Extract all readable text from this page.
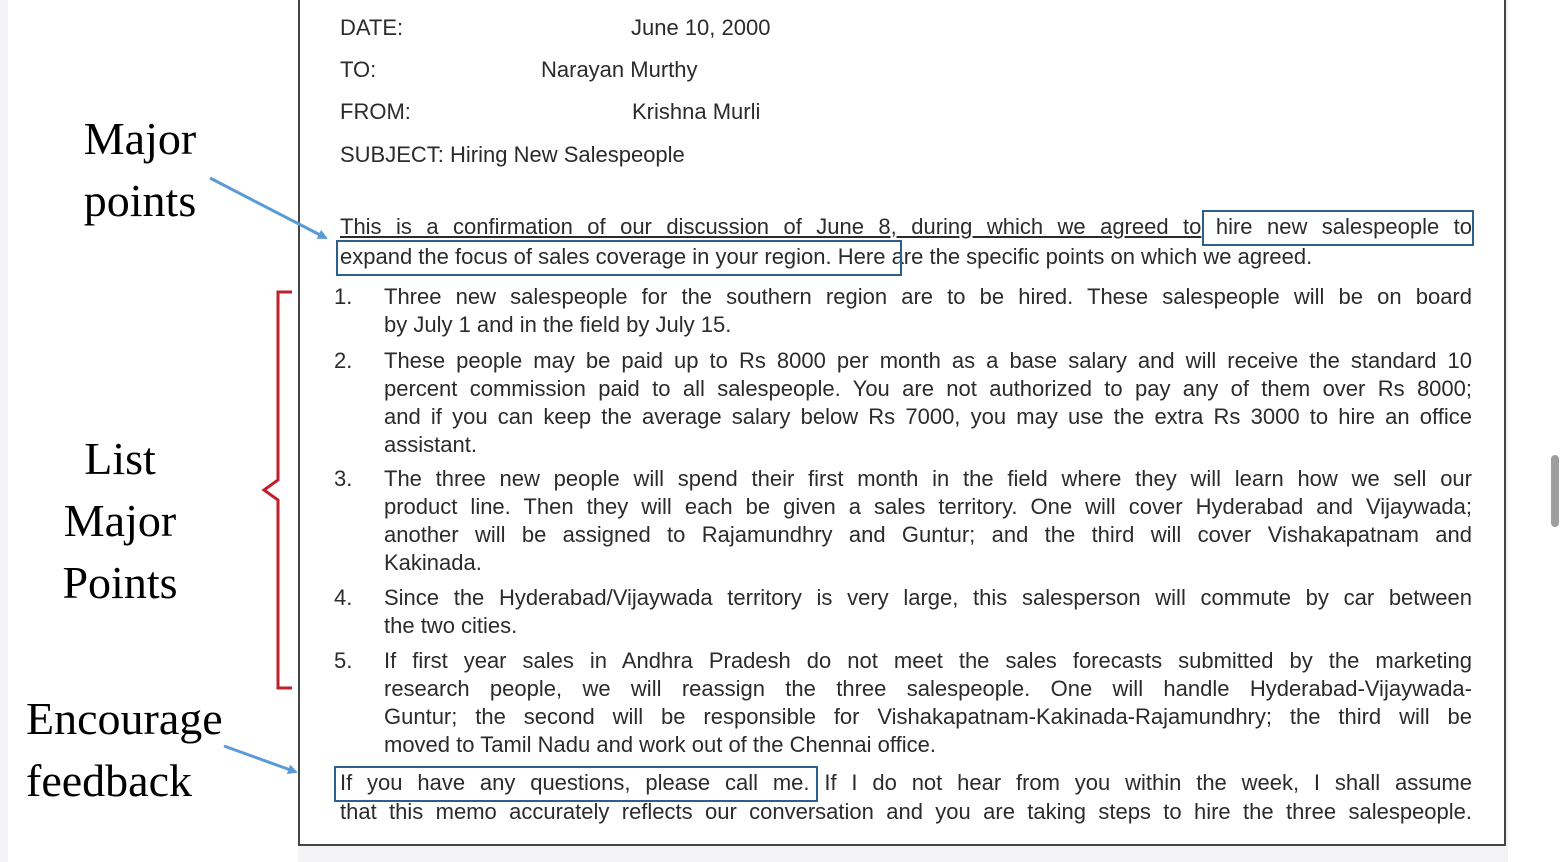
DATE:	June 10, 2000
TO:	Narayan Murthy
FROM:	Krishna Murli
SUBJECT: Hiring New Salespeople
This is a confirmation of our discussion of June 8, during which we agreed to hire new salespeople to
expand the focus of sales coverage in your region. Here are the specific points on which we agreed.
1. Three new salespeople for the southern region are to be hired. These salespeople will be on board
by July 1 and in the field by July 15.
2. These people may be paid up to Rs 8000 per month as a base salary and will receive the standard 10
percent commission paid to all salespeople. You are not authorized to pay any of them over Rs 8000;
and if you can keep the average salary below Rs 7000, you may use the extra Rs 3000 to hire an office
assistant.
3. The three new people will spend their first month in the field where they will learn how we sell our
product line. Then they will each be given a sales territory. One will cover Hyderabad and Vijaywada;
another will be assigned to Rajamundhry and Guntur; and the third will cover Vishakapatnam and
Kakinada.
4. Since the Hyderabad/Vijaywada territory is very large, this salesperson will commute by car between
the two cities.
5. If first year sales in Andhra Pradesh do not meet the sales forecasts submitted by the marketing
research people, we will reassign the three salespeople. One will handle Hyderabad-Vijaywada-
Guntur; the second will be responsible for Vishakapatnam-Kakinada-Rajamundhry; the third will be
moved to Tamil Nadu and work out of the Chennai office.
If you have any questions, please call me. If I do not hear from you within the week, I shall assume
that this memo accurately reflects our conversation and you are taking steps to hire the three salespeople.
Major
points
List
Major
Points
Encourage
feedback
